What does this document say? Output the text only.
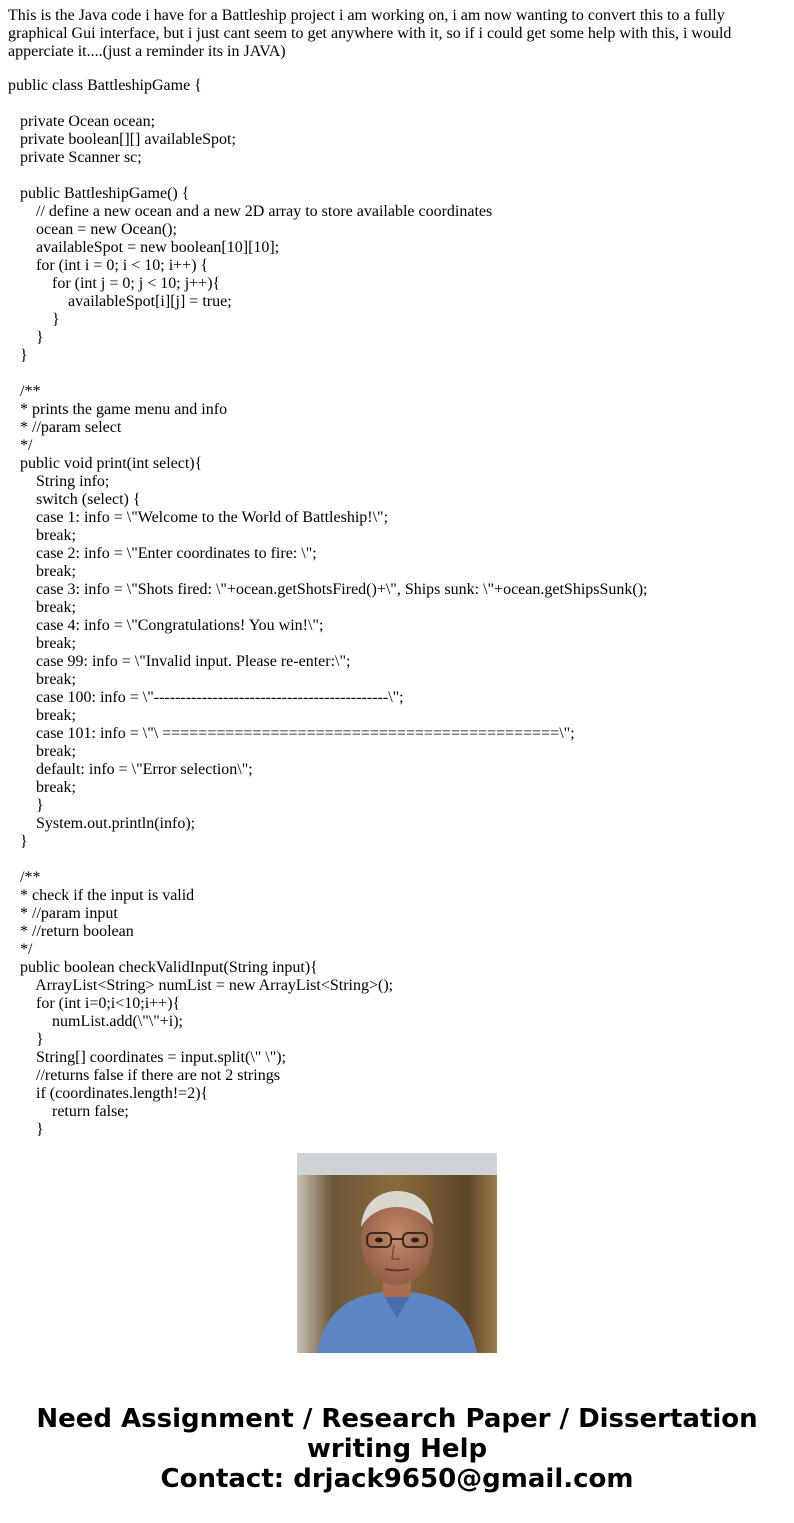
This is the Java code i have for a Battleship project i am working on, i am now wanting to convert this to a fully graphical Gui interface, but i just cant seem to get anywhere with it, so if i could get some help with this, i would apperciate it....(just a reminder its in JAVA)

public class BattleshipGame {
private Ocean ocean;
private boolean[][] availableSpot;
private Scanner sc;
public BattleshipGame() {
// define a new ocean and a new 2D array to store available coordinates
ocean = new Ocean();
availableSpot = new boolean[10][10];
for (int i = 0; i < 10; i++) {
for (int j = 0; j < 10; j++){
availableSpot[i][j] = true;
}
}
}
/**
* prints the game menu and info
* //param select
*/
public void print(int select){
String info;
switch (select) {
case 1: info = \"Welcome to the World of Battleship!\";
break;
case 2: info = \"Enter coordinates to fire: \";
break;
case 3: info = \"Shots fired: \"+ocean.getShotsFired()+\", Ships sunk: \"+ocean.getShipsSunk();
break;
case 4: info = \"Congratulations! You win!\";
break;
case 99: info = \"Invalid input. Please re-enter:\";
break;
case 100: info = \"--------------------------------------------\";
break;
case 101: info = \"\ ============================================\";
break;
default: info = \"Error selection\";
break;
}
System.out.println(info);
}
/**
* check if the input is valid
* //param input
* //return boolean
*/
public boolean checkValidInput(String input){
ArrayList<String> numList = new ArrayList<String>();
for (int i=0;i<10;i++){
numList.add(\"\"+i);
}
String[] coordinates = input.split(\" \");
//returns false if there are not 2 strings
if (coordinates.length!=2){
return false;
}
Need Assignment / Research Paper / Dissertation
writing Help
Contact: drjack9650@gmail.com
